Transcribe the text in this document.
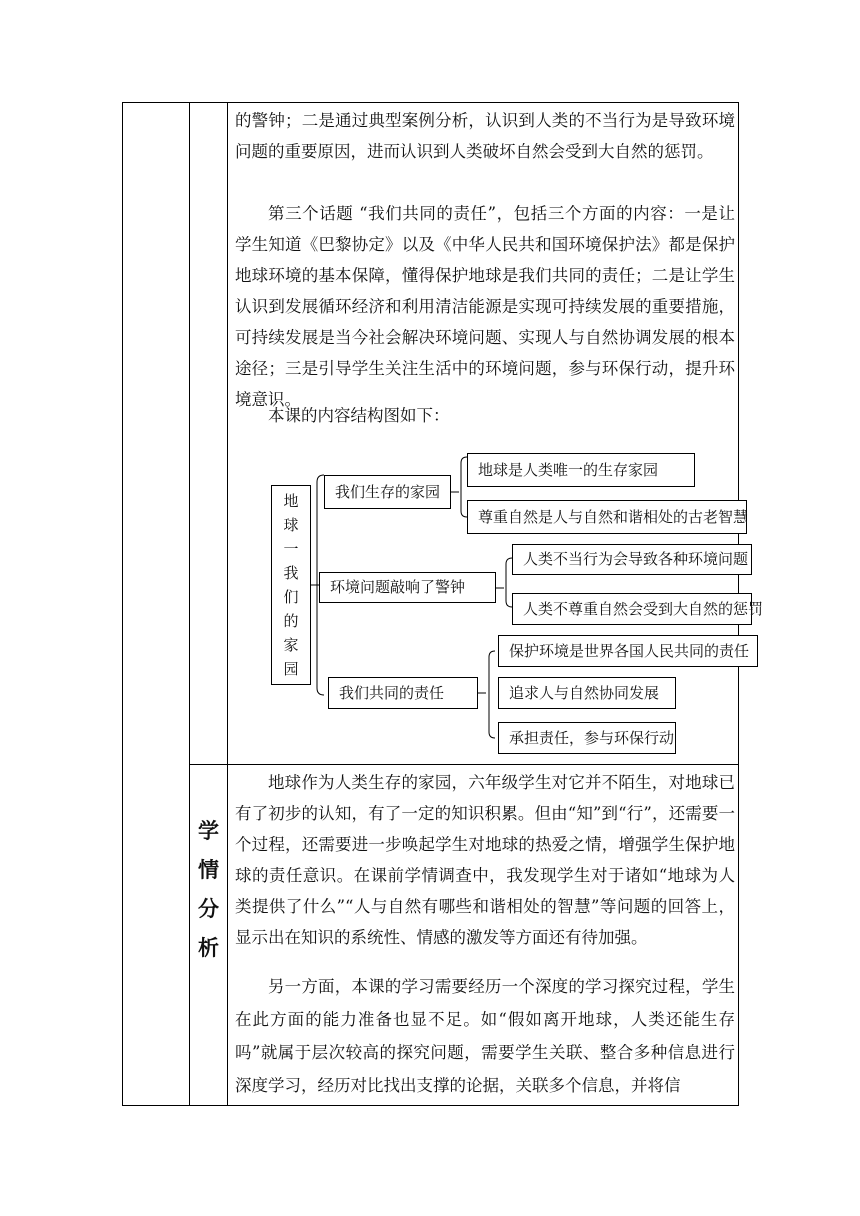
的警钟；二是通过典型案例分析，认识到人类的不当行为是导致环境问题的重要原因，进而认识到人类破坏自然会受到大自然的惩罚。

第三个话题 “我们共同的责任”，包括三个方面的内容：一是让学生知道《巴黎协定》以及《中华人民共和国环境保护法》都是保护地球环境的基本保障，懂得保护地球是我们共同的责任；二是让学生认识到发展循环经济和利用清洁能源是实现可持续发展的重要措施，可持续发展是当今社会解决环境问题、实现人与自然协调发展的根本途径；三是引导学生关注生活中的环境问题，参与环保行动，提升环境意识。

本课的内容结构图如下：

地
球
一
我
们
的
家
园
我们生存的家园
环境问题敲响了警钟
我们共同的责任
地球是人类唯一的生存家园
尊重自然是人与自然和谐相处的古老智慧
人类不当行为会导致各种环境问题
人类不尊重自然会受到大自然的惩罚
保护环境是世界各国人民共同的责任
追求人与自然协同发展
承担责任，参与环保行动
学
情
分
析

地球作为人类生存的家园，六年级学生对它并不陌生，对地球已有了初步的认知，有了一定的知识积累。但由“知”到“行”，还需要一个过程，还需要进一步唤起学生对地球的热爱之情，增强学生保护地球的责任意识。在课前学情调查中，我发现学生对于诸如“地球为人类提供了什么”“人与自然有哪些和谐相处的智慧”等问题的回答上，显示出在知识的系统性、情感的激发等方面还有待加强。

另一方面，本课的学习需要经历一个深度的学习探究过程，学生在此方面的能力准备也显不足。如“假如离开地球，人类还能生存吗”就属于层次较高的探究问题，需要学生关联、整合多种信息进行深度学习，经历对比找出支撑的论据，关联多个信息，并将信
